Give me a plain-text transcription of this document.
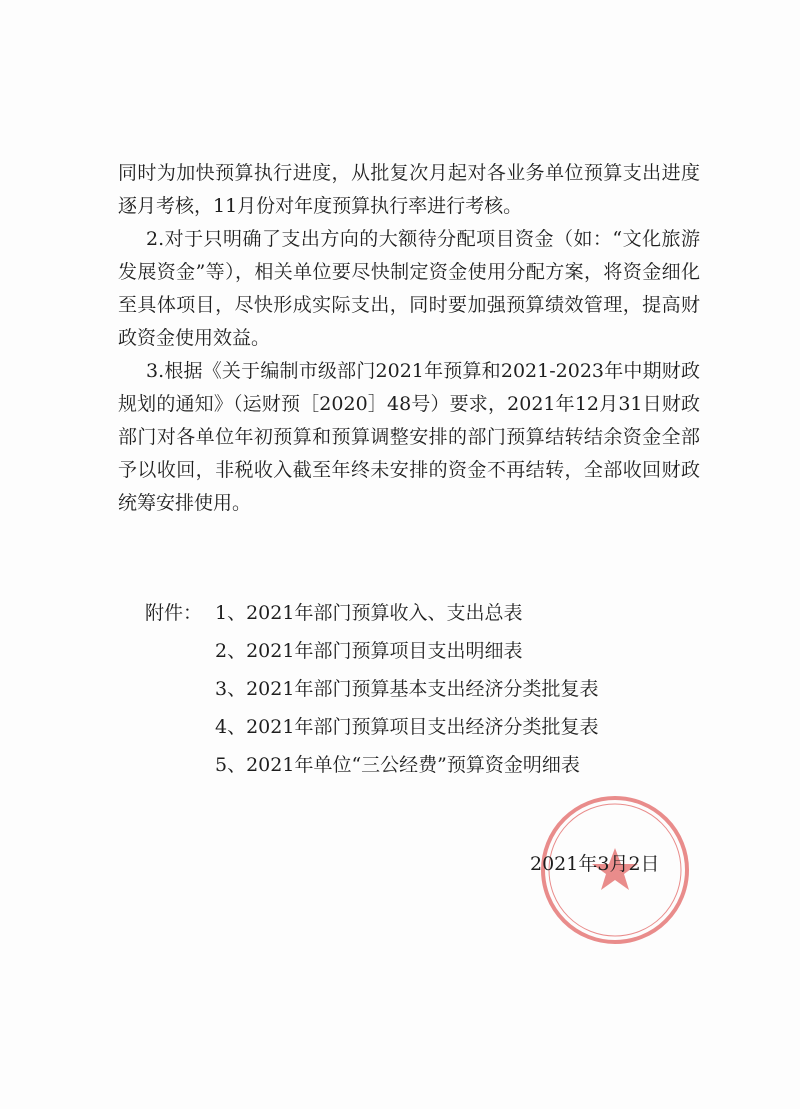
同时为加快预算执行进度，从批复次月起对各业务单位预算支出进度逐月考核，11月份对年度预算执行率进行考核。

2.对于只明确了支出方向的大额待分配项目资金（如：“文化旅游发展资金”等），相关单位要尽快制定资金使用分配方案，将资金细化至具体项目，尽快形成实际支出，同时要加强预算绩效管理，提高财政资金使用效益。

3.根据《关于编制市级部门2021年预算和2021-2023年中期财政规划的通知》（运财预［2020］48号）要求，2021年12月31日财政部门对各单位年初预算和预算调整安排的部门预算结转结余资金全部予以收回，非税收入截至年终未安排的资金不再结转，全部收回财政统筹安排使用。

附件： 1、2021年部门预算收入、支出总表
2、2021年部门预算项目支出明细表
3、2021年部门预算基本支出经济分类批复表
4、2021年部门预算项目支出经济分类批复表
5、2021年单位“三公经费”预算资金明细表
2021年3月2日
